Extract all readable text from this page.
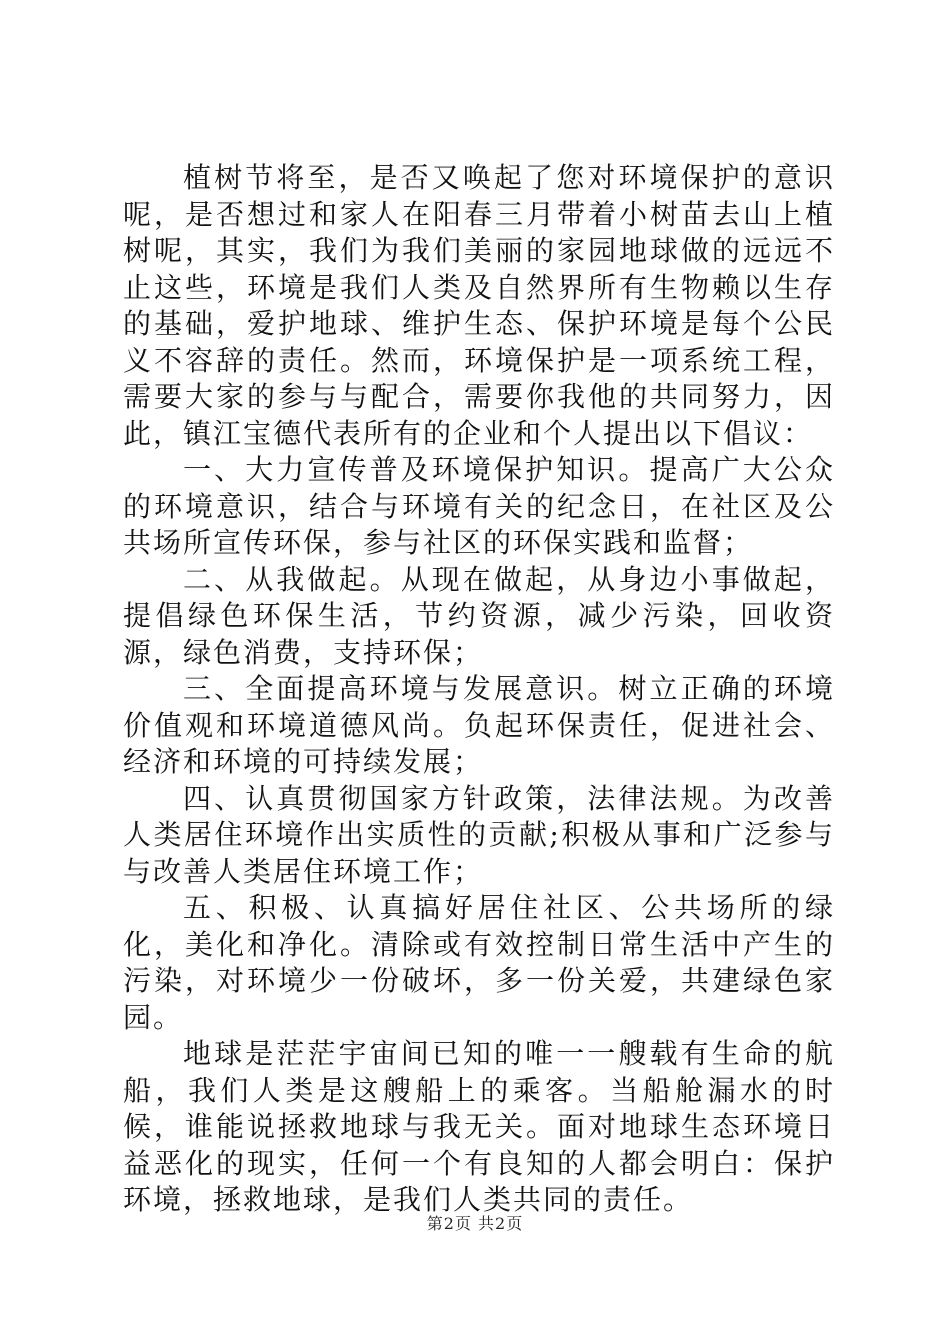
植树节将至，是否又唤起了您对环境保护的意识呢，是否想过和家人在阳春三月带着小树苗去山上植树呢，其实，我们为我们美丽的家园地球做的远远不止这些，环境是我们人类及自然界所有生物赖以生存的基础，爱护地球、维护生态、保护环境是每个公民义不容辞的责任。然而，环境保护是一项系统工程，需要大家的参与与配合，需要你我他的共同努力，因此，镇江宝德代表所有的企业和个人提出以下倡议：

一、大力宣传普及环境保护知识。提高广大公众的环境意识，结合与环境有关的纪念日，在社区及公共场所宣传环保，参与社区的环保实践和监督；

二、从我做起。从现在做起，从身边小事做起，提倡绿色环保生活，节约资源，减少污染，回收资源，绿色消费，支持环保；

三、全面提高环境与发展意识。树立正确的环境价值观和环境道德风尚。负起环保责任，促进社会、经济和环境的可持续发展；

四、认真贯彻国家方针政策，法律法规。为改善人类居住环境作出实质性的贡献;积极从事和广泛参与与改善人类居住环境工作；

五、积极、认真搞好居住社区、公共场所的绿化，美化和净化。清除或有效控制日常生活中产生的污染，对环境少一份破坏，多一份关爱，共建绿色家园。

地球是茫茫宇宙间已知的唯一一艘载有生命的航船，我们人类是这艘船上的乘客。当船舱漏水的时候，谁能说拯救地球与我无关。面对地球生态环境日益恶化的现实，任何一个有良知的人都会明白：保护环境，拯救地球，是我们人类共同的责任。

第2页 共2页
